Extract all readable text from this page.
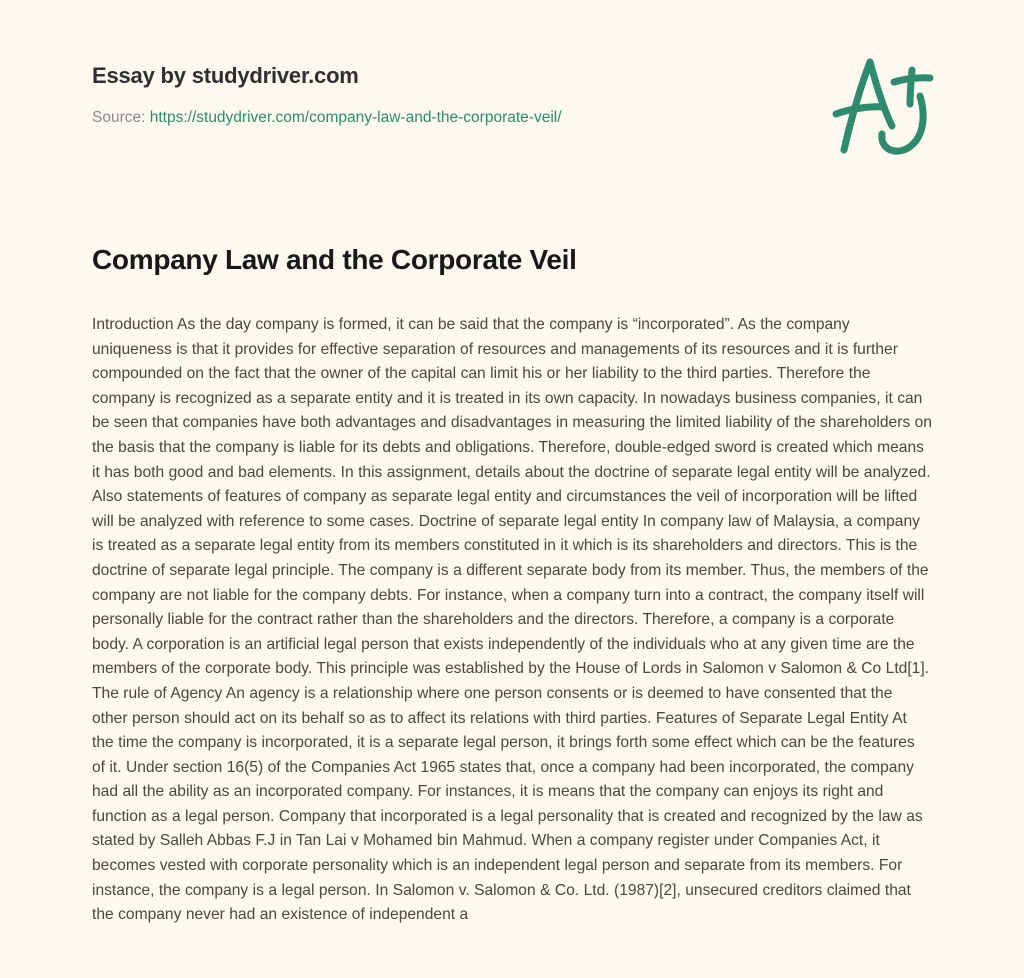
Essay by studydriver.com
Source: https://studydriver.com/company-law-and-the-corporate-veil/
Company Law and the Corporate Veil

Introduction As the day company is formed, it can be said that the company is “incorporated”. As the company uniqueness is that it provides for effective separation of resources and managements of its resources and it is further compounded on the fact that the owner of the capital can limit his or her liability to the third parties. Therefore the company is recognized as a separate entity and it is treated in its own capacity. In nowadays business companies, it can be seen that companies have both advantages and disadvantages in measuring the limited liability of the shareholders on the basis that the company is liable for its debts and obligations. Therefore, double-edged sword is created which means it has both good and bad elements. In this assignment, details about the doctrine of separate legal entity will be analyzed. Also statements of features of company as separate legal entity and circumstances the veil of incorporation will be lifted will be analyzed with reference to some cases. Doctrine of separate legal entity In company law of Malaysia, a company is treated as a separate legal entity from its members constituted in it which is its shareholders and directors. This is the doctrine of separate legal principle. The company is a different separate body from its member. Thus, the members of the company are not liable for the company debts. For instance, when a company turn into a contract, the company itself will personally liable for the contract rather than the shareholders and the directors. Therefore, a company is a corporate body. A corporation is an artificial legal person that exists independently of the individuals who at any given time are the members of the corporate body. This principle was established by the House of Lords in Salomon v Salomon & Co Ltd[1]. The rule of Agency An agency is a relationship where one person consents or is deemed to have consented that the other person should act on its behalf so as to affect its relations with third parties. Features of Separate Legal Entity At the time the company is incorporated, it is a separate legal person, it brings forth some effect which can be the features of it. Under section 16(5) of the Companies Act 1965 states that, once a company had been incorporated, the company had all the ability as an incorporated company. For instances, it is means that the company can enjoys its right and function as a legal person. Company that incorporated is a legal personality that is created and recognized by the law as stated by Salleh Abbas F.J in Tan Lai v Mohamed bin Mahmud. When a company register under Companies Act, it becomes vested with corporate personality which is an independent legal person and separate from its members. For instance, the company is a legal person. In Salomon v. Salomon & Co. Ltd. (1987)[2], unsecured creditors claimed that the company never had an existence of independent a
